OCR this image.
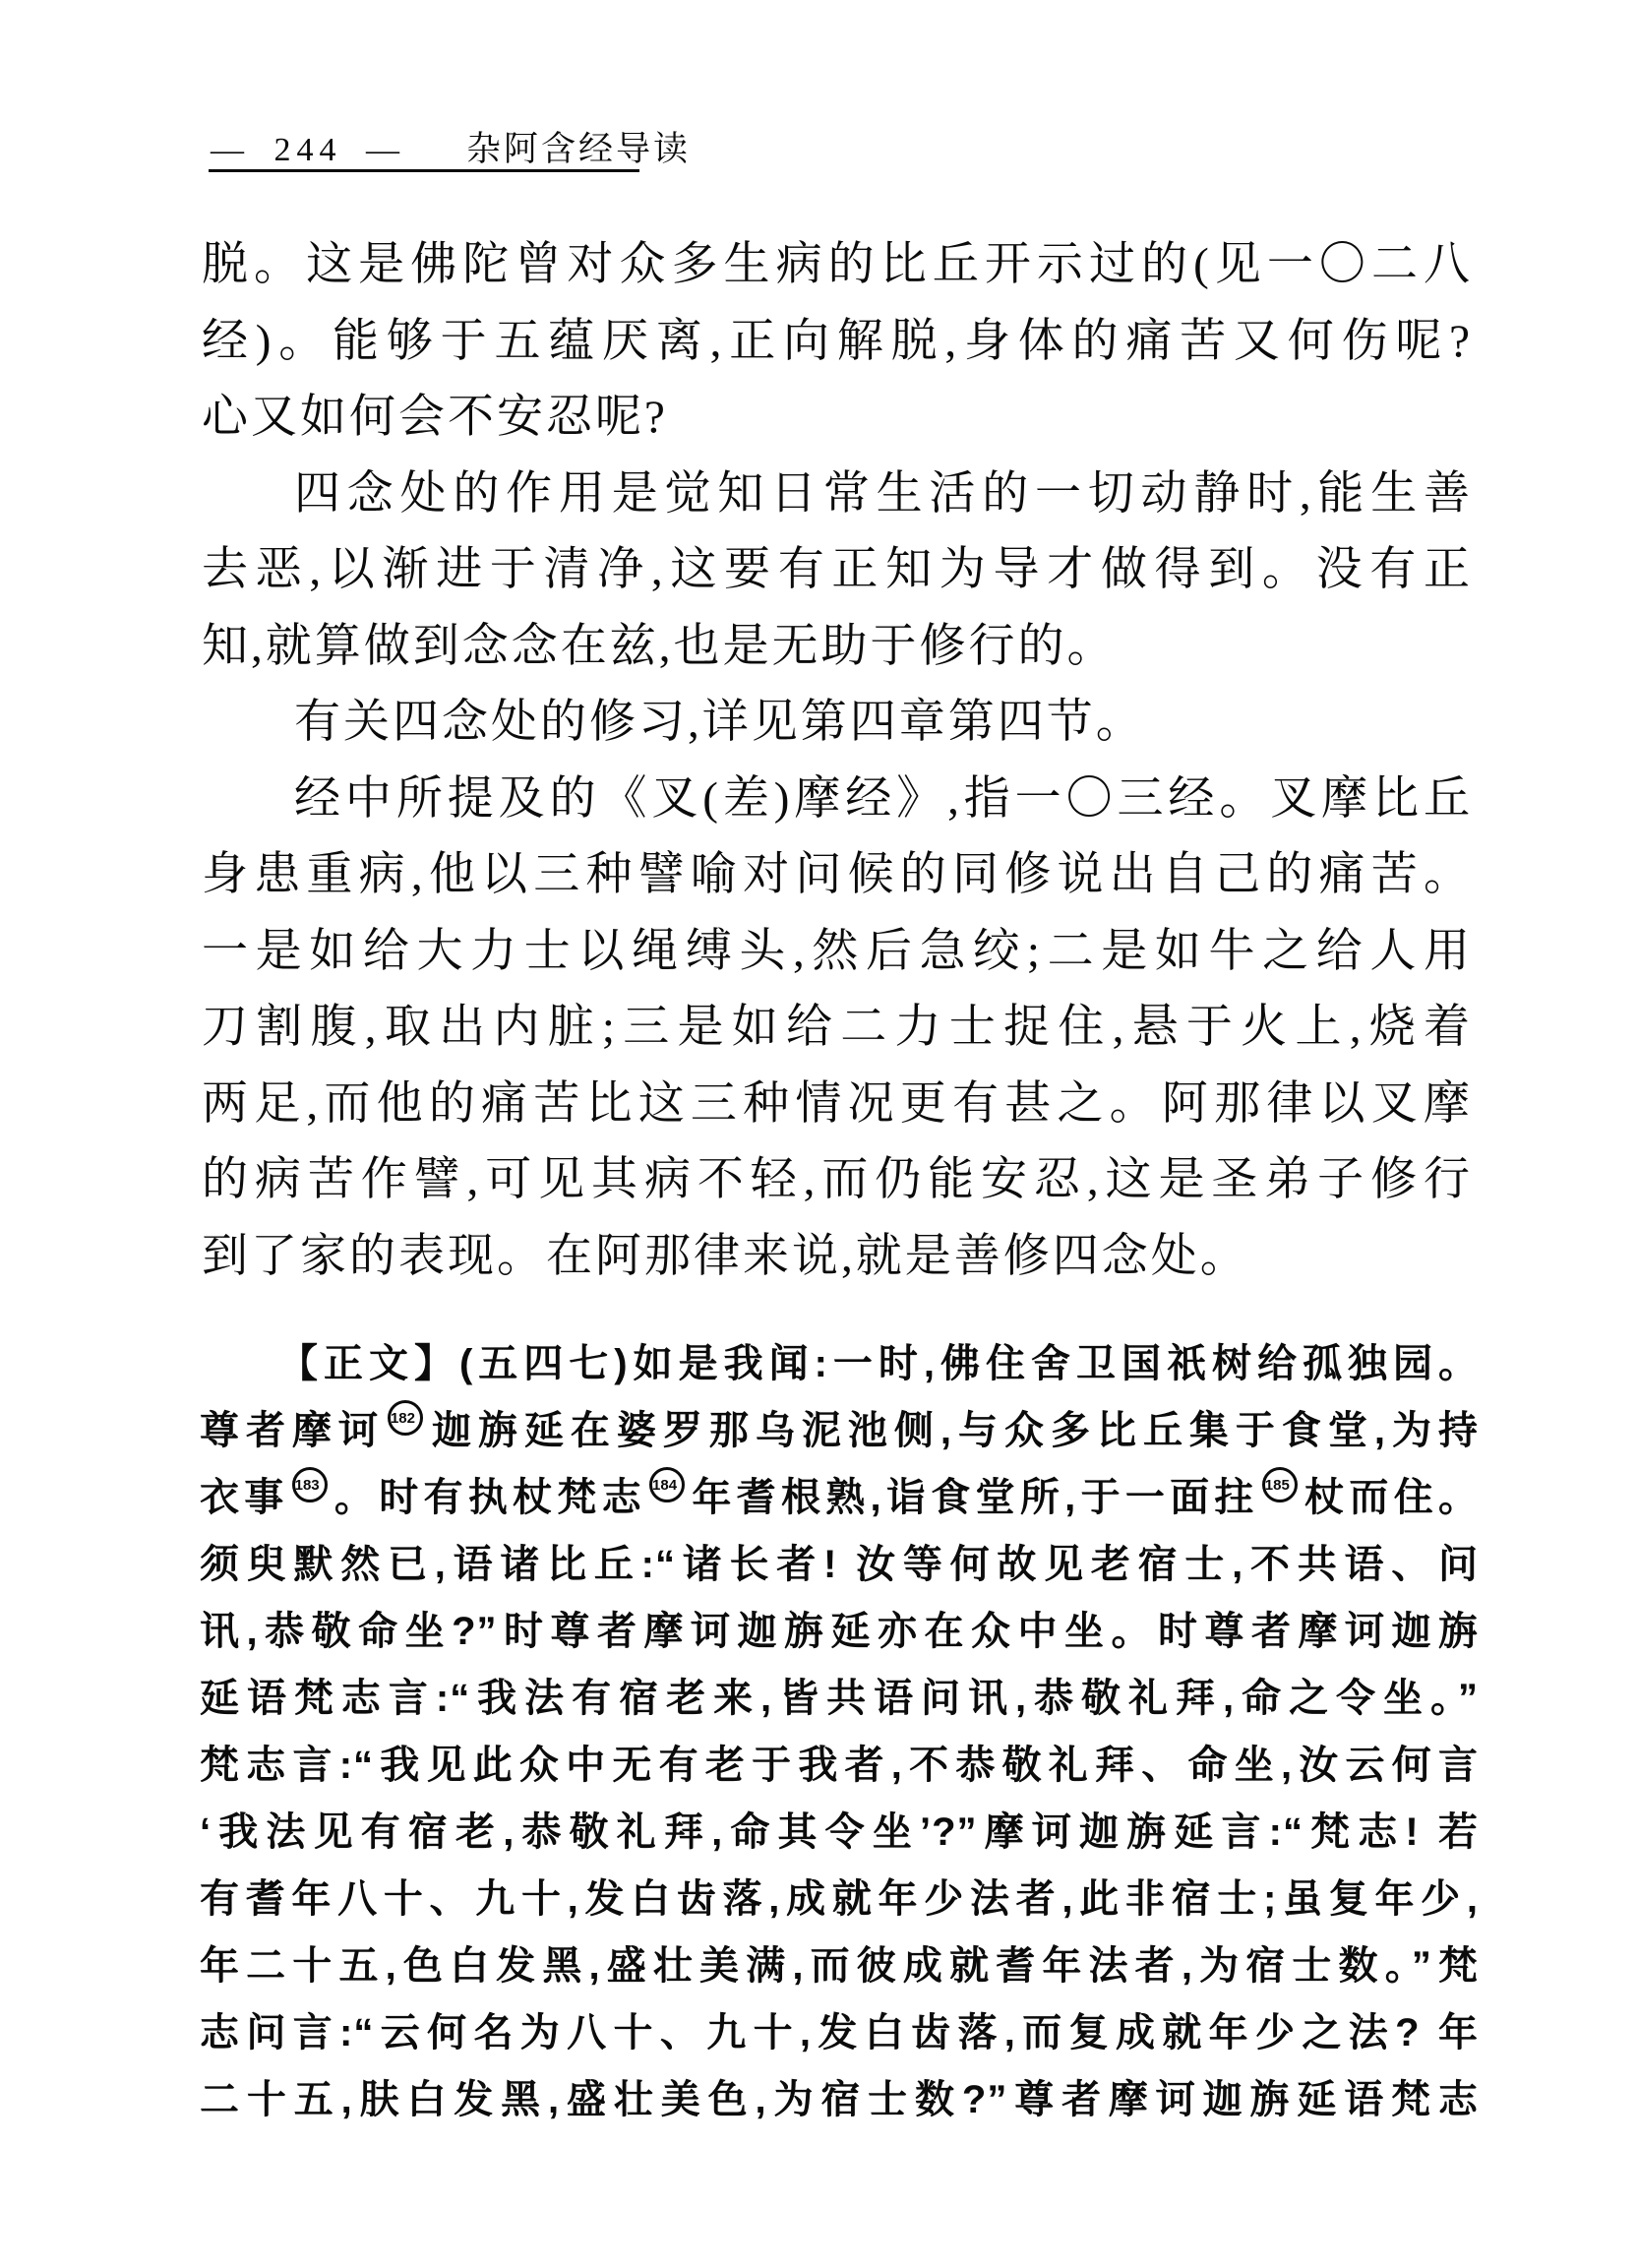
— 244 — 杂阿含经导读
脱。这是佛陀曾对众多生病的比丘开示过的(见一〇二八
经)。能够于五蕴厌离,正向解脱,身体的痛苦又何伤呢?
心又如何会不安忍呢?
四念处的作用是觉知日常生活的一切动静时,能生善
去恶,以渐进于清净,这要有正知为导才做得到。没有正
知,就算做到念念在兹,也是无助于修行的。
有关四念处的修习,详见第四章第四节。
经中所提及的《叉(差)摩经》,指一〇三经。叉摩比丘
身患重病,他以三种譬喻对问候的同修说出自己的痛苦。
一是如给大力士以绳缚头,然后急绞;二是如牛之给人用
刀割腹,取出内脏;三是如给二力士捉住,悬于火上,烧着
两足,而他的痛苦比这三种情况更有甚之。阿那律以叉摩
的病苦作譬,可见其病不轻,而仍能安忍,这是圣弟子修行
到了家的表现。在阿那律来说,就是善修四念处。
【正文】(五四七)如是我闻:一时,佛住舍卫国祇树给孤独园。
尊者摩诃 182 迦旃延在婆罗那乌泥池侧,与众多比丘集于食堂,为持
衣事 183 。时有执杖梵志 184 年耆根熟,诣食堂所,于一面拄 185 杖而住。
须臾默然已,语诸比丘:“诸长者! 汝等何故见老宿士,不共语、问
讯,恭敬命坐?”时尊者摩诃迦旃延亦在众中坐。时尊者摩诃迦旃
延语梵志言:“我法有宿老来,皆共语问讯,恭敬礼拜,命之令坐。”
梵志言:“我见此众中无有老于我者,不恭敬礼拜、命坐,汝云何言
‘我法见有宿老,恭敬礼拜,命其令坐’?”摩诃迦旃延言:“梵志! 若
有耆年八十、九十,发白齿落,成就年少法者,此非宿士;虽复年少,
年二十五,色白发黑,盛壮美满,而彼成就耆年法者,为宿士数。”梵
志问言:“云何名为八十、九十,发白齿落,而复成就年少之法? 年
二十五,肤白发黑,盛壮美色,为宿士数?”尊者摩诃迦旃延语梵志
